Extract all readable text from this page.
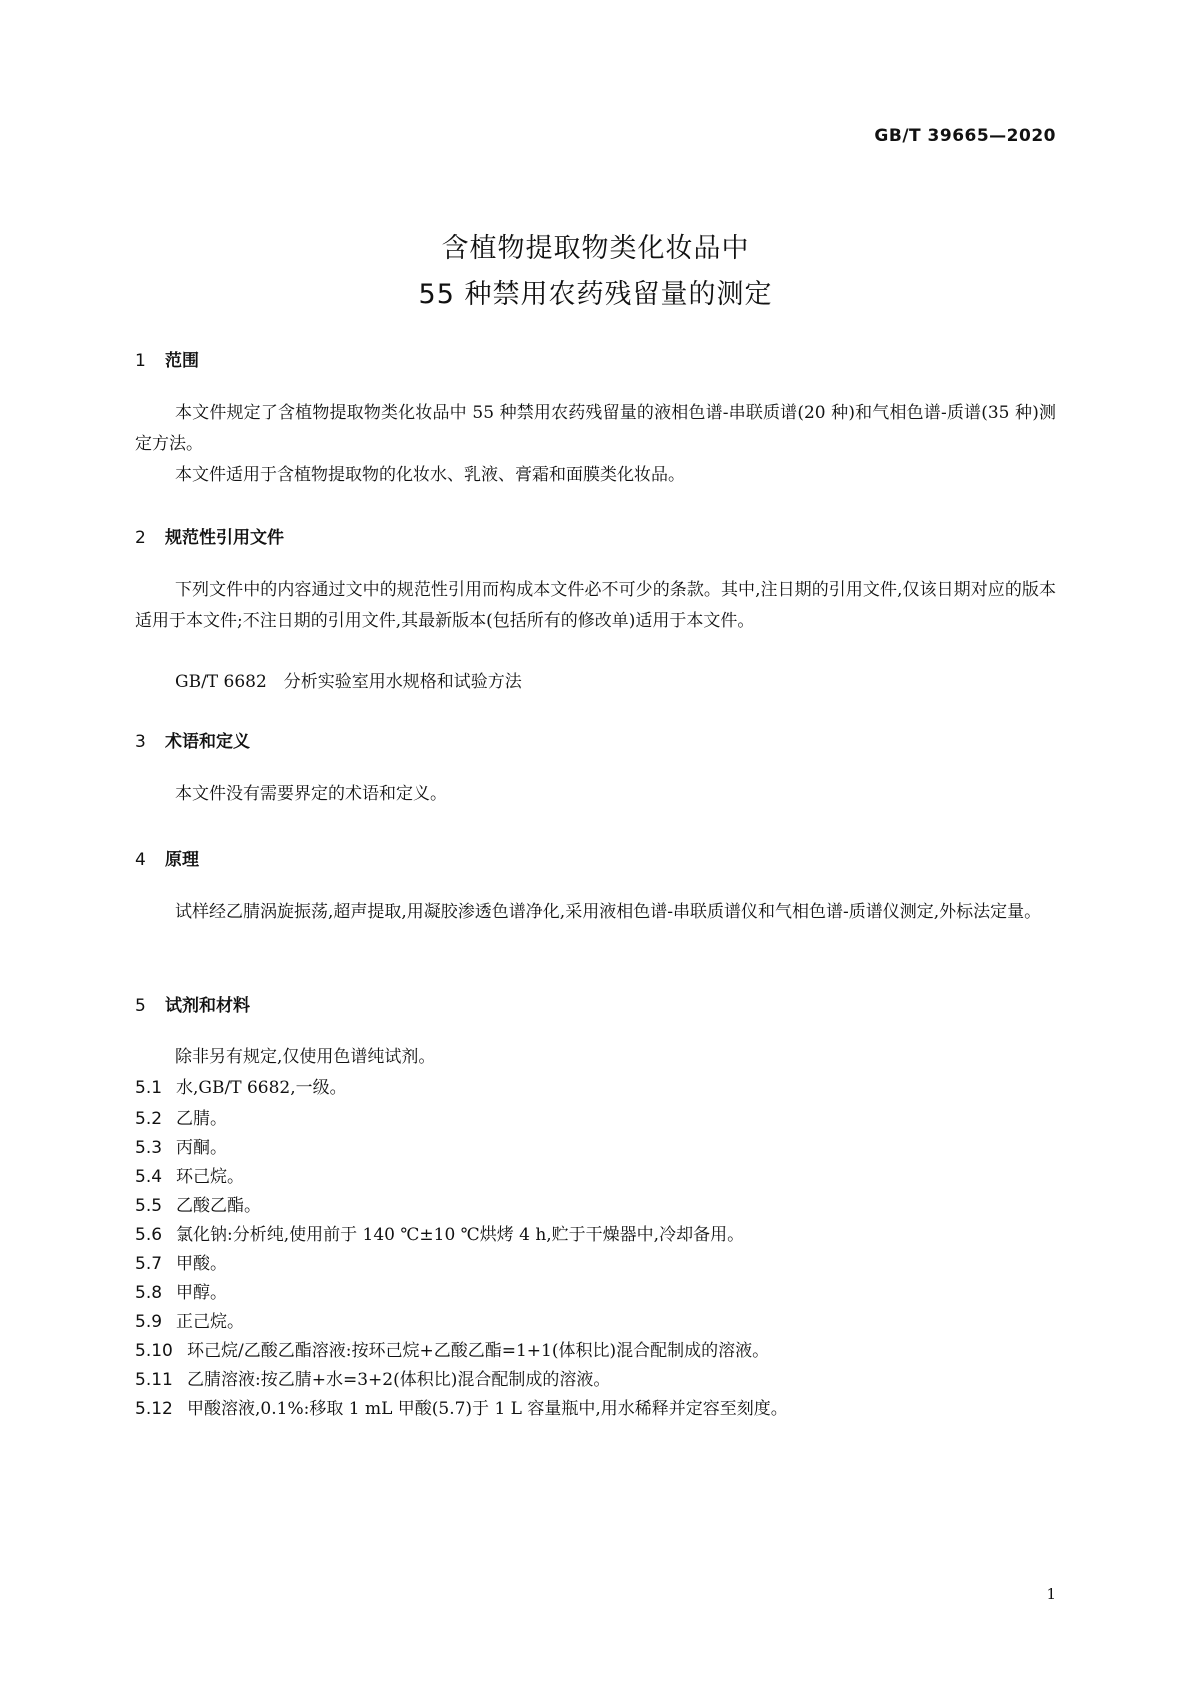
GB/T 39665—2020
含植物提取物类化妆品中
55 种禁用农药残留量的测定
1 范围
本文件规定了含植物提取物类化妆品中 55 种禁用农药残留量的液相色谱-串联质谱(20 种)和气相色谱-质谱(35 种)测定方法。
本文件适用于含植物提取物的化妆水、乳液、膏霜和面膜类化妆品。
2 规范性引用文件
下列文件中的内容通过文中的规范性引用而构成本文件必不可少的条款。其中,注日期的引用文件,仅该日期对应的版本适用于本文件;不注日期的引用文件,其最新版本(包括所有的修改单)适用于本文件。
GB/T 6682　分析实验室用水规格和试验方法
3 术语和定义
本文件没有需要界定的术语和定义。
4 原理
试样经乙腈涡旋振荡,超声提取,用凝胶渗透色谱净化,采用液相色谱-串联质谱仪和气相色谱-质谱仪测定,外标法定量。
5 试剂和材料
除非另有规定,仅使用色谱纯试剂。
5.1 水,GB/T 6682,一级。
5.2 乙腈。
5.3 丙酮。
5.4 环己烷。
5.5 乙酸乙酯。
5.6 氯化钠:分析纯,使用前于 140 ℃±10 ℃烘烤 4 h,贮于干燥器中,冷却备用。
5.7 甲酸。
5.8 甲醇。
5.9 正己烷。
5.10 环己烷/乙酸乙酯溶液:按环己烷+乙酸乙酯=1+1(体积比)混合配制成的溶液。
5.11 乙腈溶液:按乙腈+水=3+2(体积比)混合配制成的溶液。
5.12 甲酸溶液,0.1%:移取 1 mL 甲酸(5.7)于 1 L 容量瓶中,用水稀释并定容至刻度。
1
